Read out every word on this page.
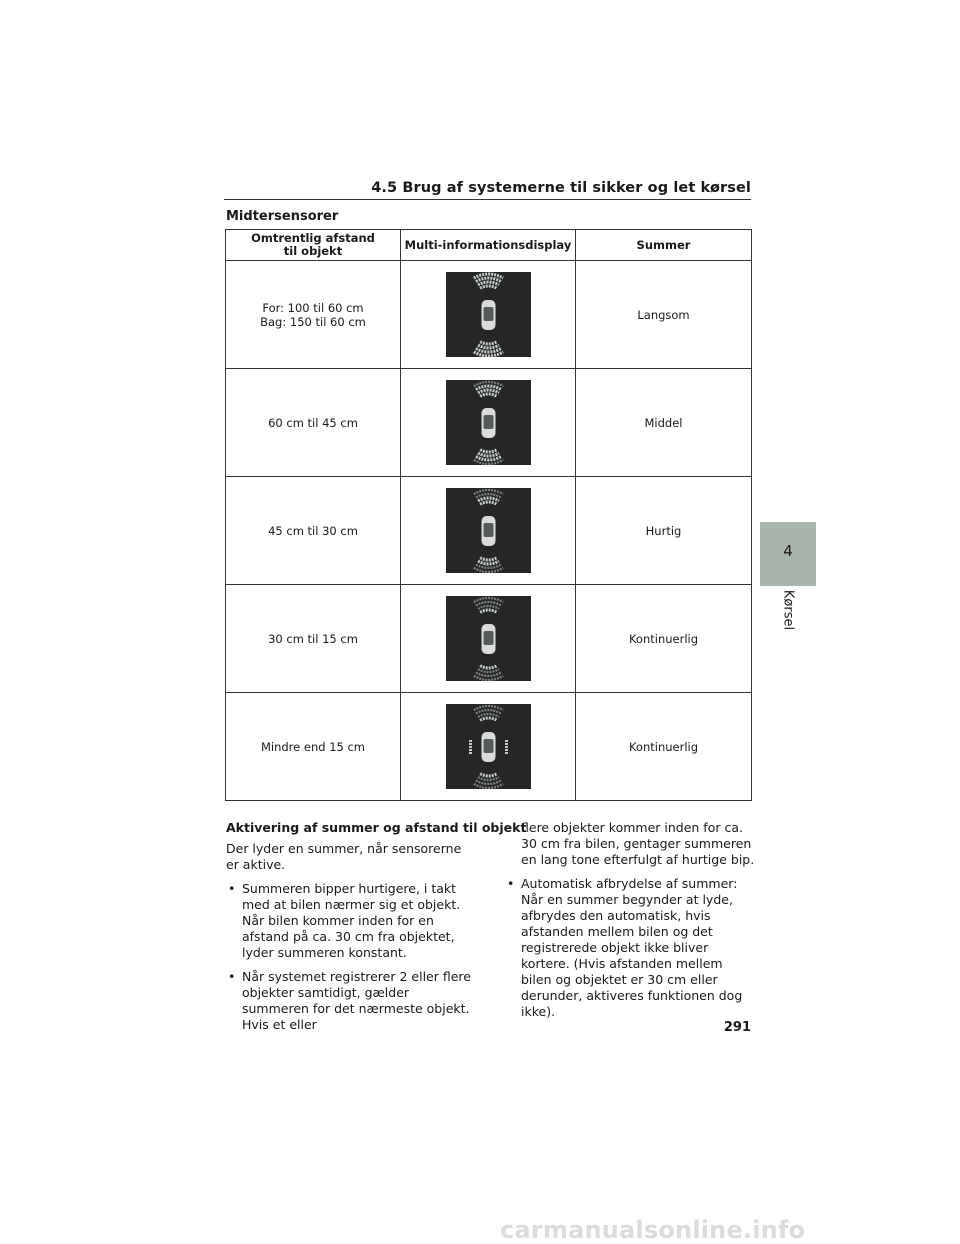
4.5 Brug af systemerne til sikker og let kørsel
Midtersensorer
Omtrentlig afstand
til objekt	Multi-informationsdisplay	Summer

For: 100 til 60 cm
Bag: 150 til 60 cm		Langsom

60 cm til 45 cm		Middel

45 cm til 30 cm		Hurtig

30 cm til 15 cm		Kontinuerlig

Mindre end 15 cm		Kontinuerlig
Aktivering af summer og afstand til objekt

Der lyder en summer, når sensorerne er aktive.

• Summeren bipper hurtigere, i takt med at bilen nærmer sig et objekt. Når bilen kommer inden for en afstand på ca. 30 cm fra objektet, lyder summeren konstant.
• Når systemet registrerer 2 eller flere objekter samtidigt, gælder summeren for det nærmeste objekt. Hvis et eller
flere objekter kommer inden for ca. 30 cm fra bilen, gentager summeren en lang tone efterfulgt af hurtige bip.
• Automatisk afbrydelse af summer: Når en summer begynder at lyde, afbrydes den automatisk, hvis afstanden mellem bilen og det registrerede objekt ikke bliver kortere. (Hvis afstanden mellem bilen og objektet er 30 cm eller derunder, aktiveres funktionen dog ikke).
291
4
Kørsel
carmanualsonline.info
